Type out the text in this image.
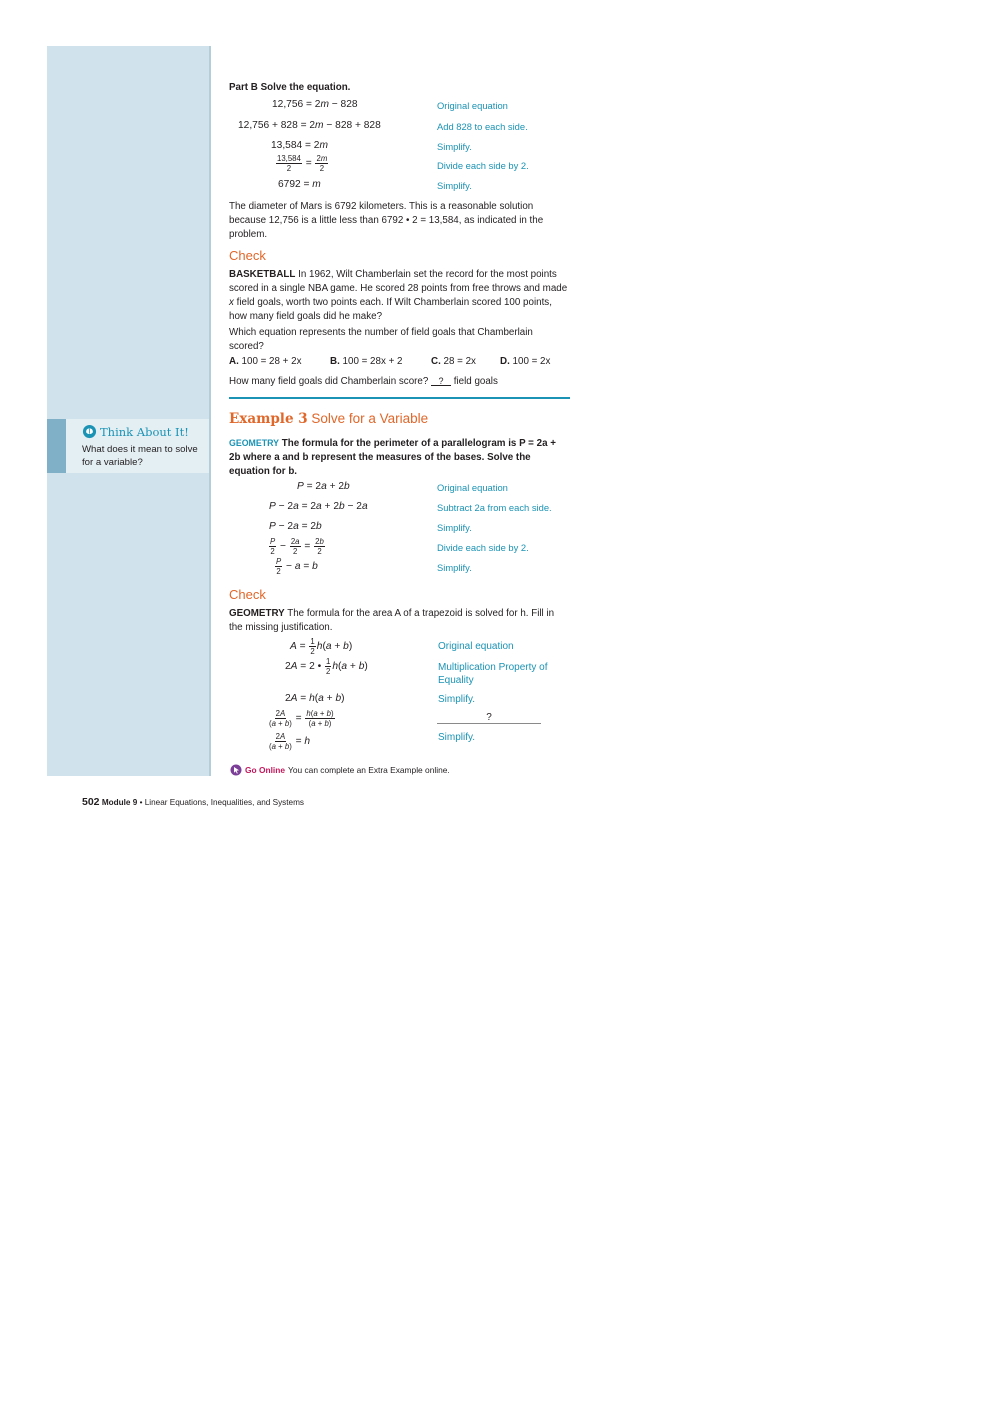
Think About It!
What does it mean to solve for a variable?
Part B Solve the equation.
12,756 = 2m − 828
12,756 + 828 = 2m − 828 + 828
13,584 = 2m
$\frac{13,584}{2} = \frac{2m}{2}$
6792 = m
Original equation
Add 828 to each side.
Simplify.
Divide each side by 2.
Simplify.
The diameter of Mars is 6792 kilometers. This is a reasonable solution because 12,756 is a little less than 6792 • 2 = 13,584, as indicated in the problem.
Check
BASKETBALL In 1962, Wilt Chamberlain set the record for the most points scored in a single NBA game. He scored 28 points from free throws and made x field goals, worth two points each. If Wilt Chamberlain scored 100 points, how many field goals did he make?
Which equation represents the number of field goals that Chamberlain scored?
A. 100 = 28 + 2x	B. 100 = 28x + 2	C. 28 = 2x D. 100 = 2x
How many field goals did Chamberlain score? ? field goals
Example 3 Solve for a Variable
GEOMETRY The formula for the perimeter of a parallelogram is P = 2a + 2b where a and b represent the measures of the bases. Solve the equation for b.
P = 2a + 2b
P − 2a = 2a + 2b − 2a
P − 2a = 2b
$\frac{P}{2} - \frac{2a}{2} = \frac{2b}{2}$
$\frac{P}{2} - a = b$
Original equation
Subtract 2a from each side.
Simplify.
Divide each side by 2.
Simplify.
Check
GEOMETRY The formula for the area A of a trapezoid is solved for h. Fill in the missing justification.
$A = \frac{1}{2} h(a + b)$
2A = 2 • $\frac{1}{2} h(a + b)$
2A = h(a + b)
$\frac{2A}{(a + b)} = \frac{h(a + b)}{(a + b)}$
$\frac{2A}{(a + b)} = h$
Original equation
Multiplication Property of Equality
Simplify.
?
Simplify.
Go Online You can complete an Extra Example online.
502 Module 9 • Linear Equations, Inequalities, and Systems
